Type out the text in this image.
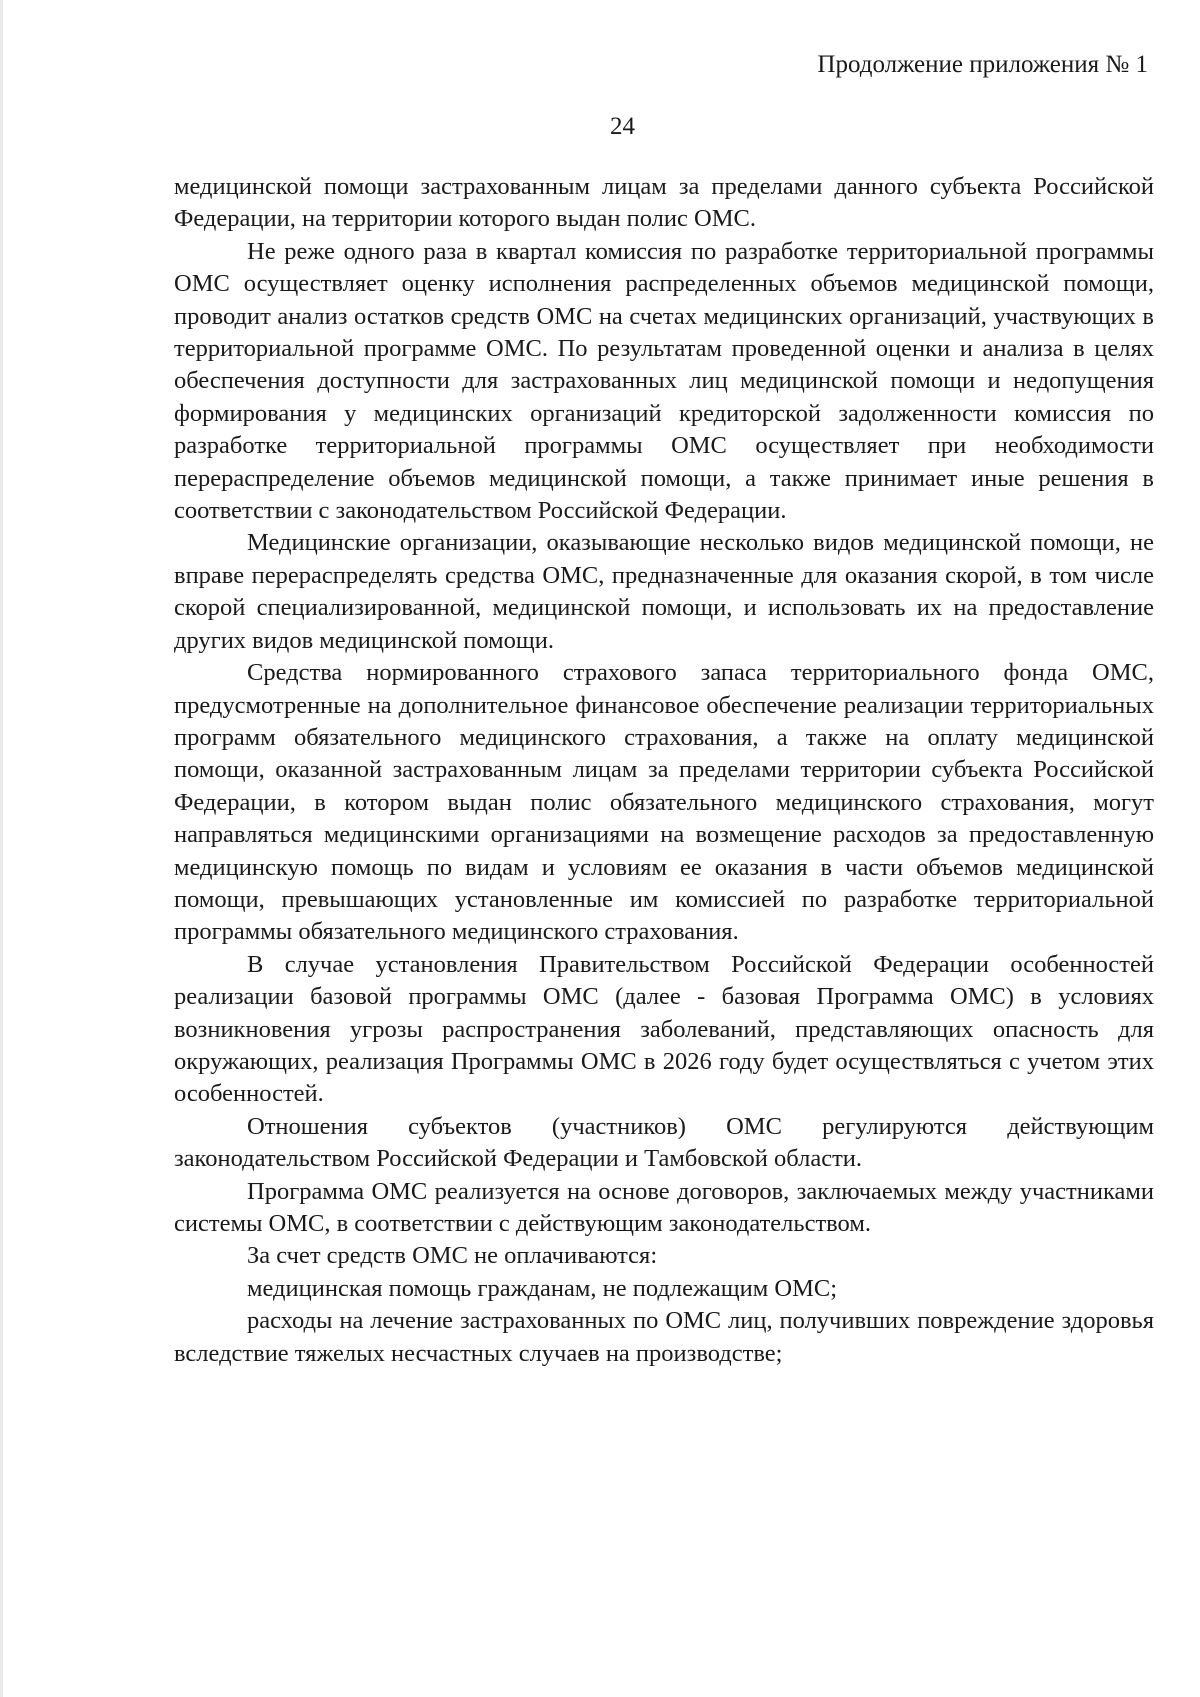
Продолжение приложения № 1
24

медицинской помощи застрахованным лицам за пределами данного субъекта Российской Федерации, на территории которого выдан полис ОМС.

Не реже одного раза в квартал комиссия по разработке территориальной программы ОМС осуществляет оценку исполнения распределенных объемов медицинской помощи, проводит анализ остатков средств ОМС на счетах медицинских организаций, участвующих в территориальной программе ОМС. По результатам проведенной оценки и анализа в целях обеспечения доступности для застрахованных лиц медицинской помощи и недопущения формирования у медицинских организаций кредиторской задолженности комиссия по разработке территориальной программы ОМС осуществляет при необходимости перераспределение объемов медицинской помощи, а также принимает иные решения в соответствии с законодательством Российской Федерации.

Медицинские организации, оказывающие несколько видов медицинской помощи, не вправе перераспределять средства ОМС, предназначенные для оказания скорой, в том числе скорой специализированной, медицинской помощи, и использовать их на предоставление других видов медицинской помощи.

Средства нормированного страхового запаса территориального фонда ОМС, предусмотренные на дополнительное финансовое обеспечение реализации территориальных программ обязательного медицинского страхования, а также на оплату медицинской помощи, оказанной застрахованным лицам за пределами территории субъекта Российской Федерации, в котором выдан полис обязательного медицинского страхования, могут направляться медицинскими организациями на возмещение расходов за предоставленную медицинскую помощь по видам и условиям ее оказания в части объемов медицинской помощи, превышающих установленные им комиссией по разработке территориальной программы обязательного медицинского страхования.

В случае установления Правительством Российской Федерации особенностей реализации базовой программы ОМС (далее - базовая Программа ОМС) в условиях возникновения угрозы распространения заболеваний, представляющих опасность для окружающих, реализация Программы ОМС в 2026 году будет осуществляться с учетом этих особенностей.

Отношения субъектов (участников) ОМС регулируются действующим законодательством Российской Федерации и Тамбовской области.

Программа ОМС реализуется на основе договоров, заключаемых между участниками системы ОМС, в соответствии с действующим законодательством.

За счет средств ОМС не оплачиваются:

медицинская помощь гражданам, не подлежащим ОМС;

расходы на лечение застрахованных по ОМС лиц, получивших повреждение здоровья вследствие тяжелых несчастных случаев на производстве;
